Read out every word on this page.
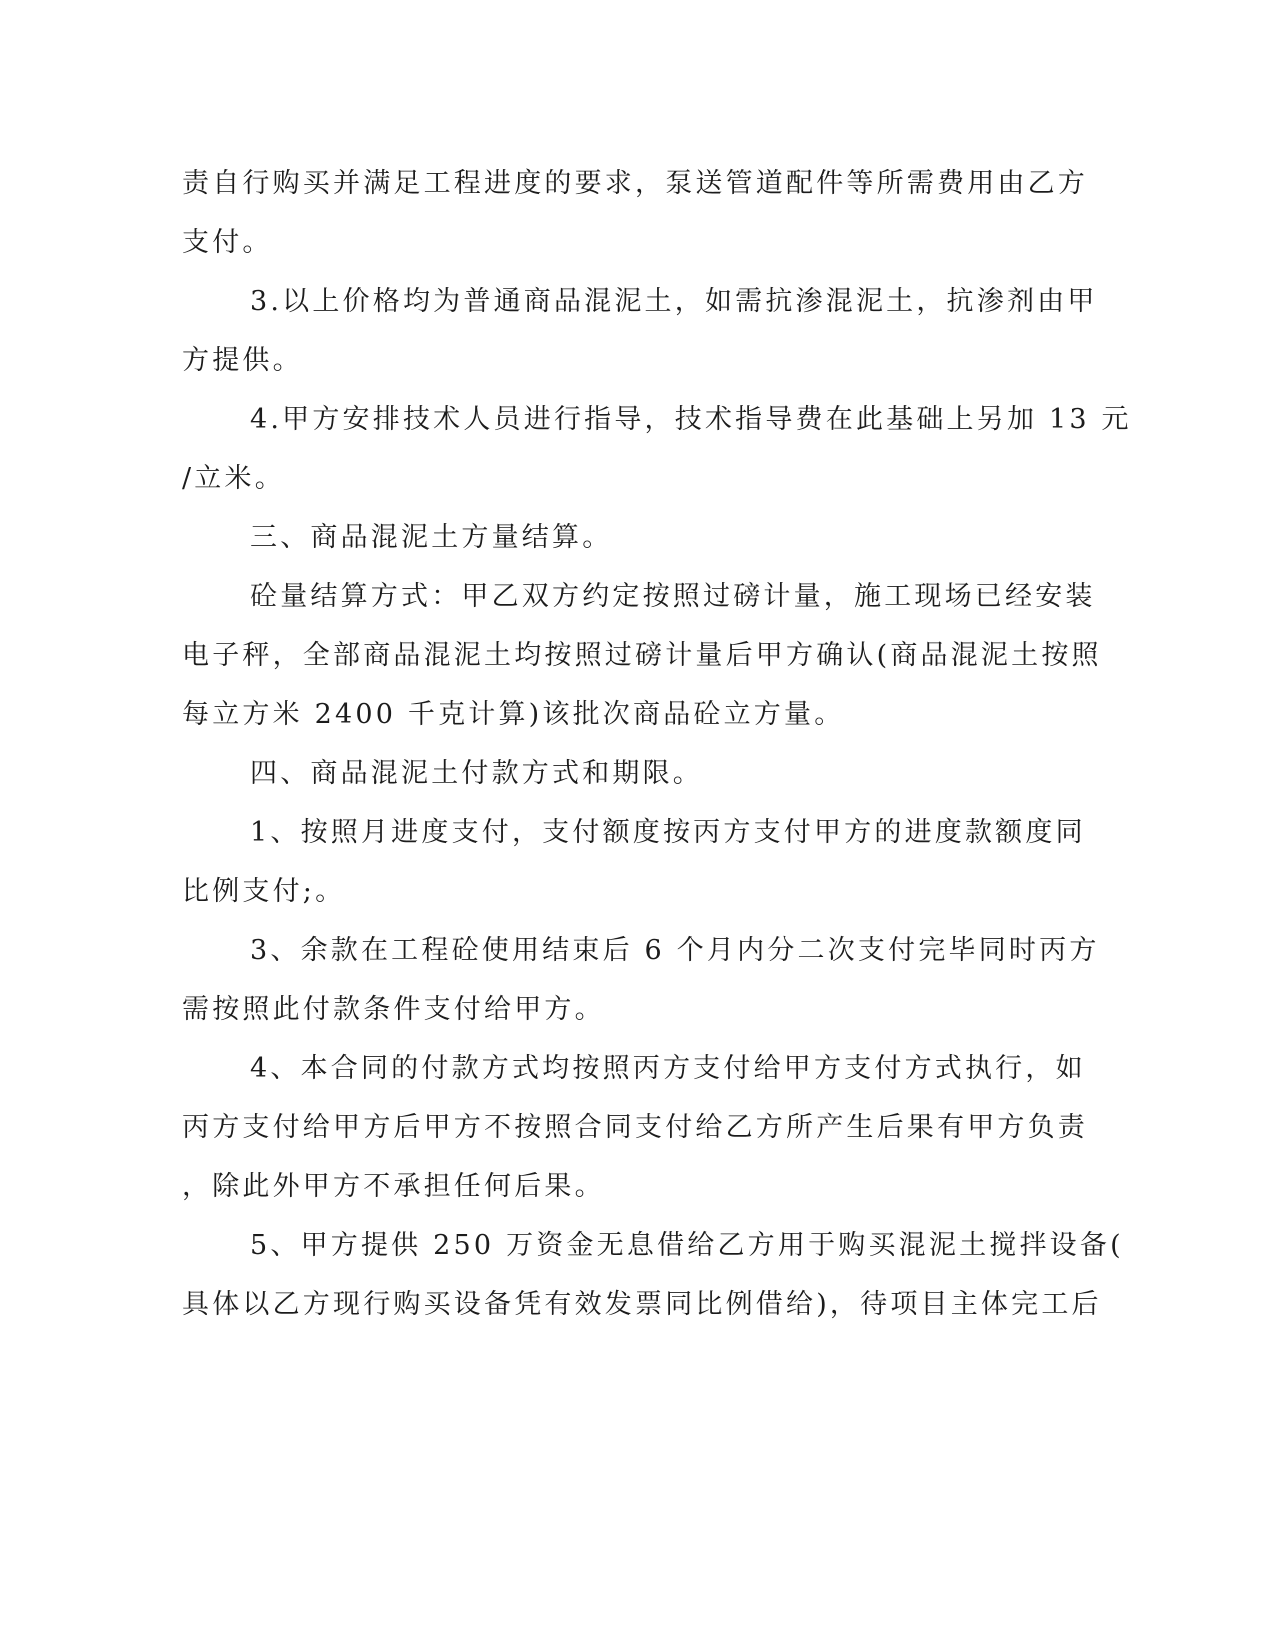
责自行购买并满足工程进度的要求，泵送管道配件等所需费用由乙方
支付。
3.以上价格均为普通商品混泥土，如需抗渗混泥土，抗渗剂由甲
方提供。
4.甲方安排技术人员进行指导，技术指导费在此基础上另加 13 元
/立米。
三、商品混泥土方量结算。
砼量结算方式：甲乙双方约定按照过磅计量，施工现场已经安装
电子秤，全部商品混泥土均按照过磅计量后甲方确认(商品混泥土按照
每立方米 2400 千克计算)该批次商品砼立方量。
四、商品混泥土付款方式和期限。
1、按照月进度支付，支付额度按丙方支付甲方的进度款额度同
比例支付;。
3、余款在工程砼使用结束后 6 个月内分二次支付完毕同时丙方
需按照此付款条件支付给甲方。
4、本合同的付款方式均按照丙方支付给甲方支付方式执行，如
丙方支付给甲方后甲方不按照合同支付给乙方所产生后果有甲方负责
，除此外甲方不承担任何后果。
5、甲方提供 250 万资金无息借给乙方用于购买混泥土搅拌设备(
具体以乙方现行购买设备凭有效发票同比例借给)，待项目主体完工后
